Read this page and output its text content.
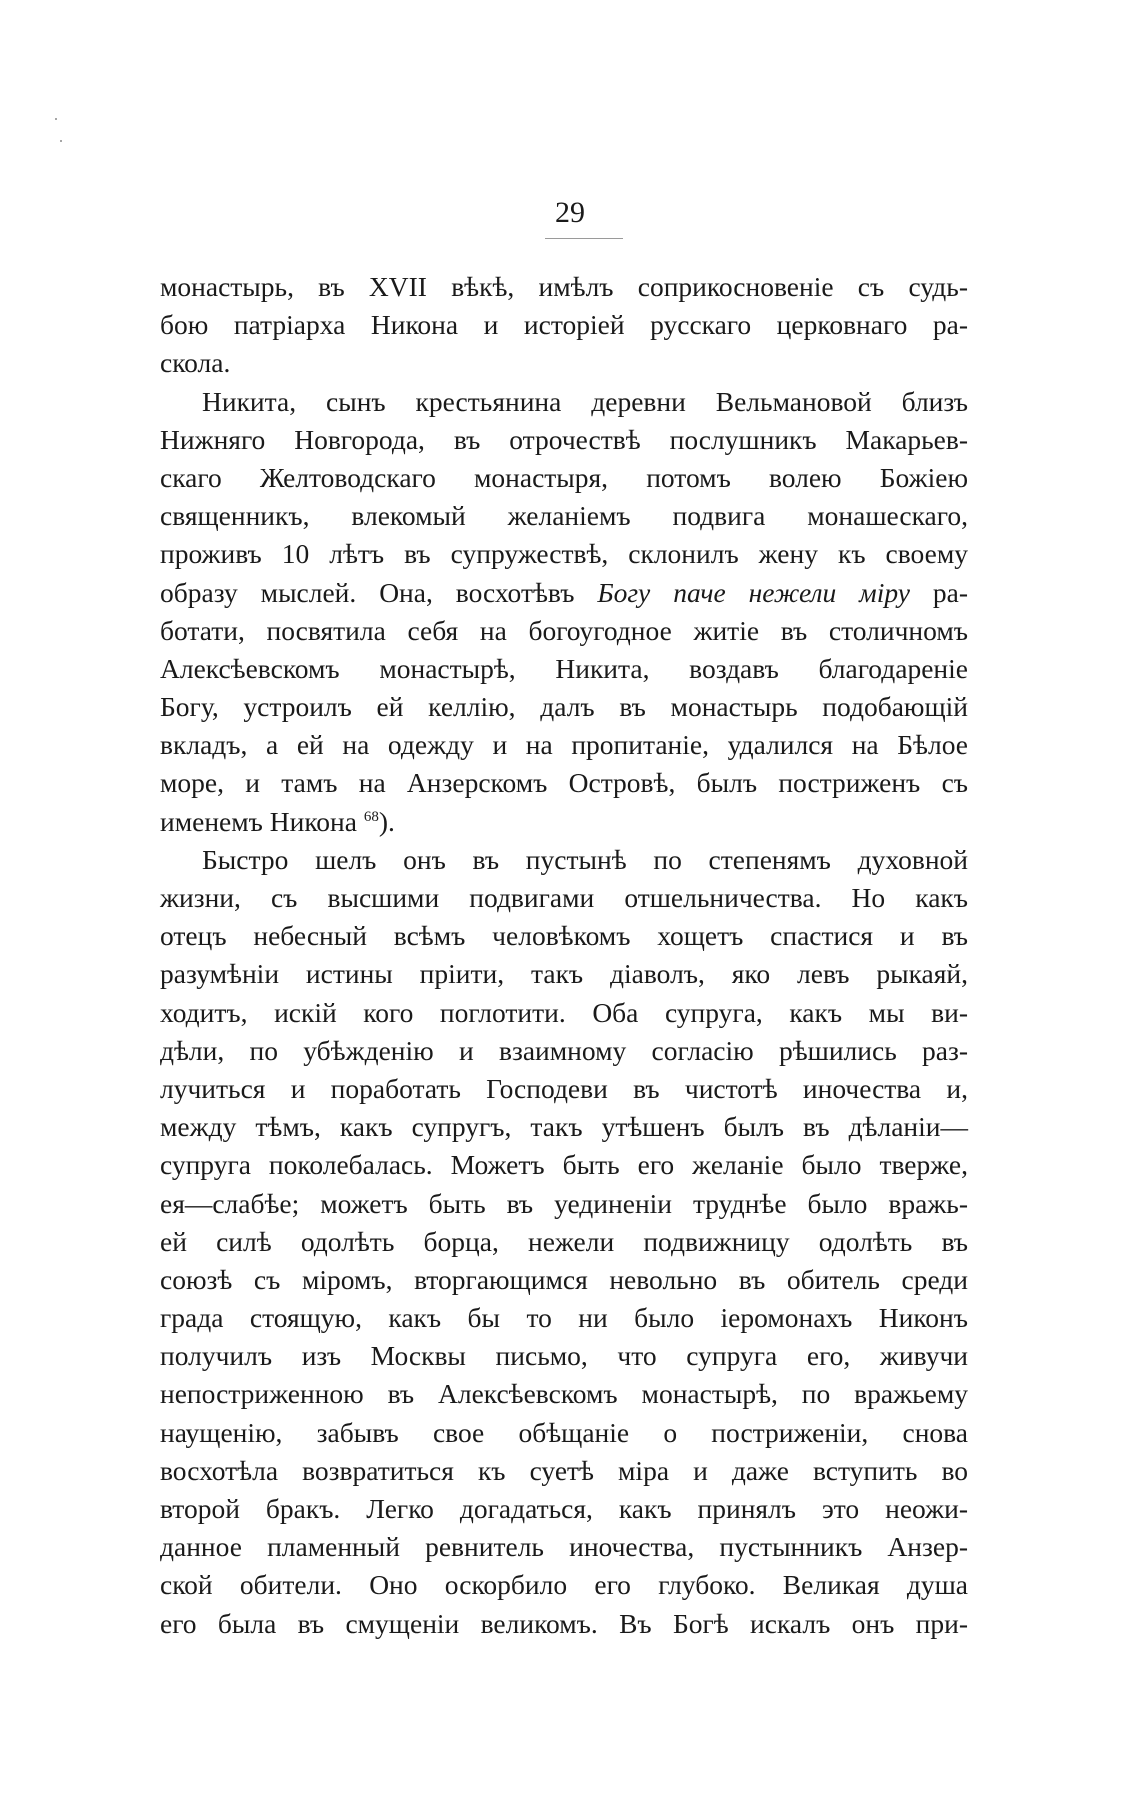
29
монастырь, въ XVII вѣкѣ, имѣлъ соприкосновеніе съ судь-
бою патріарха Никона и исторіей русскаго церковнаго ра-
скола.
Никита, сынъ крестьянина деревни Вельмановой близъ
Нижняго Новгорода, въ отрочествѣ послушникъ Макарьев-
скаго Желтоводскаго монастыря, потомъ волею Божіею
священникъ, влекомый желаніемъ подвига монашескаго,
проживъ 10 лѣтъ въ супружествѣ, склонилъ жену къ своему
образу мыслей. Она, восхотѣвъ Богу паче нежели міру ра-
ботати, посвятила себя на богоугодное житіе въ столичномъ
Алексѣевскомъ монастырѣ, Никита, воздавъ благодареніе
Богу, устроилъ ей келлію, далъ въ монастырь подобающій
вкладъ, а ей на одежду и на пропитаніе, удалился на Бѣлое
море, и тамъ на Анзерскомъ Островѣ, былъ постриженъ съ
именемъ Никона $^{68}$).
Быстро шелъ онъ въ пустынѣ по степенямъ духовной
жизни, съ высшими подвигами отшельничества. Но какъ
отецъ небесный всѣмъ человѣкомъ хощетъ спастися и въ
разумѣніи истины пріити, такъ діаволъ, яко левъ рыкаяй,
ходитъ, искій кого поглотити. Оба супруга, какъ мы ви-
дѣли, по убѣжденію и взаимному согласію рѣшились раз-
лучиться и поработать Господеви въ чистотѣ иночества и,
между тѣмъ, какъ супругъ, такъ утѣшенъ былъ въ дѣланіи—
супруга поколебалась. Можетъ быть его желаніе было тверже,
ея—слабѣе; можетъ быть въ уединеніи труднѣе было вражь-
ей силѣ одолѣть борца, нежели подвижницу одолѣть въ
союзѣ съ міромъ, вторгающимся невольно въ обитель среди
града стоящую, какъ бы то ни было іеромонахъ Никонъ
получилъ изъ Москвы письмо, что супруга его, живучи
непостриженною въ Алексѣевскомъ монастырѣ, по вражьему
наущенію, забывъ свое обѣщаніе о постриженіи, снова
восхотѣла возвратиться къ суетѣ міра и даже вступить во
второй бракъ. Легко догадаться, какъ принялъ это неожи-
данное пламенный ревнитель иночества, пустынникъ Анзер-
ской обители. Оно оскорбило его глубоко. Великая душа
его была въ смущеніи великомъ. Въ Богѣ искалъ онъ при-
